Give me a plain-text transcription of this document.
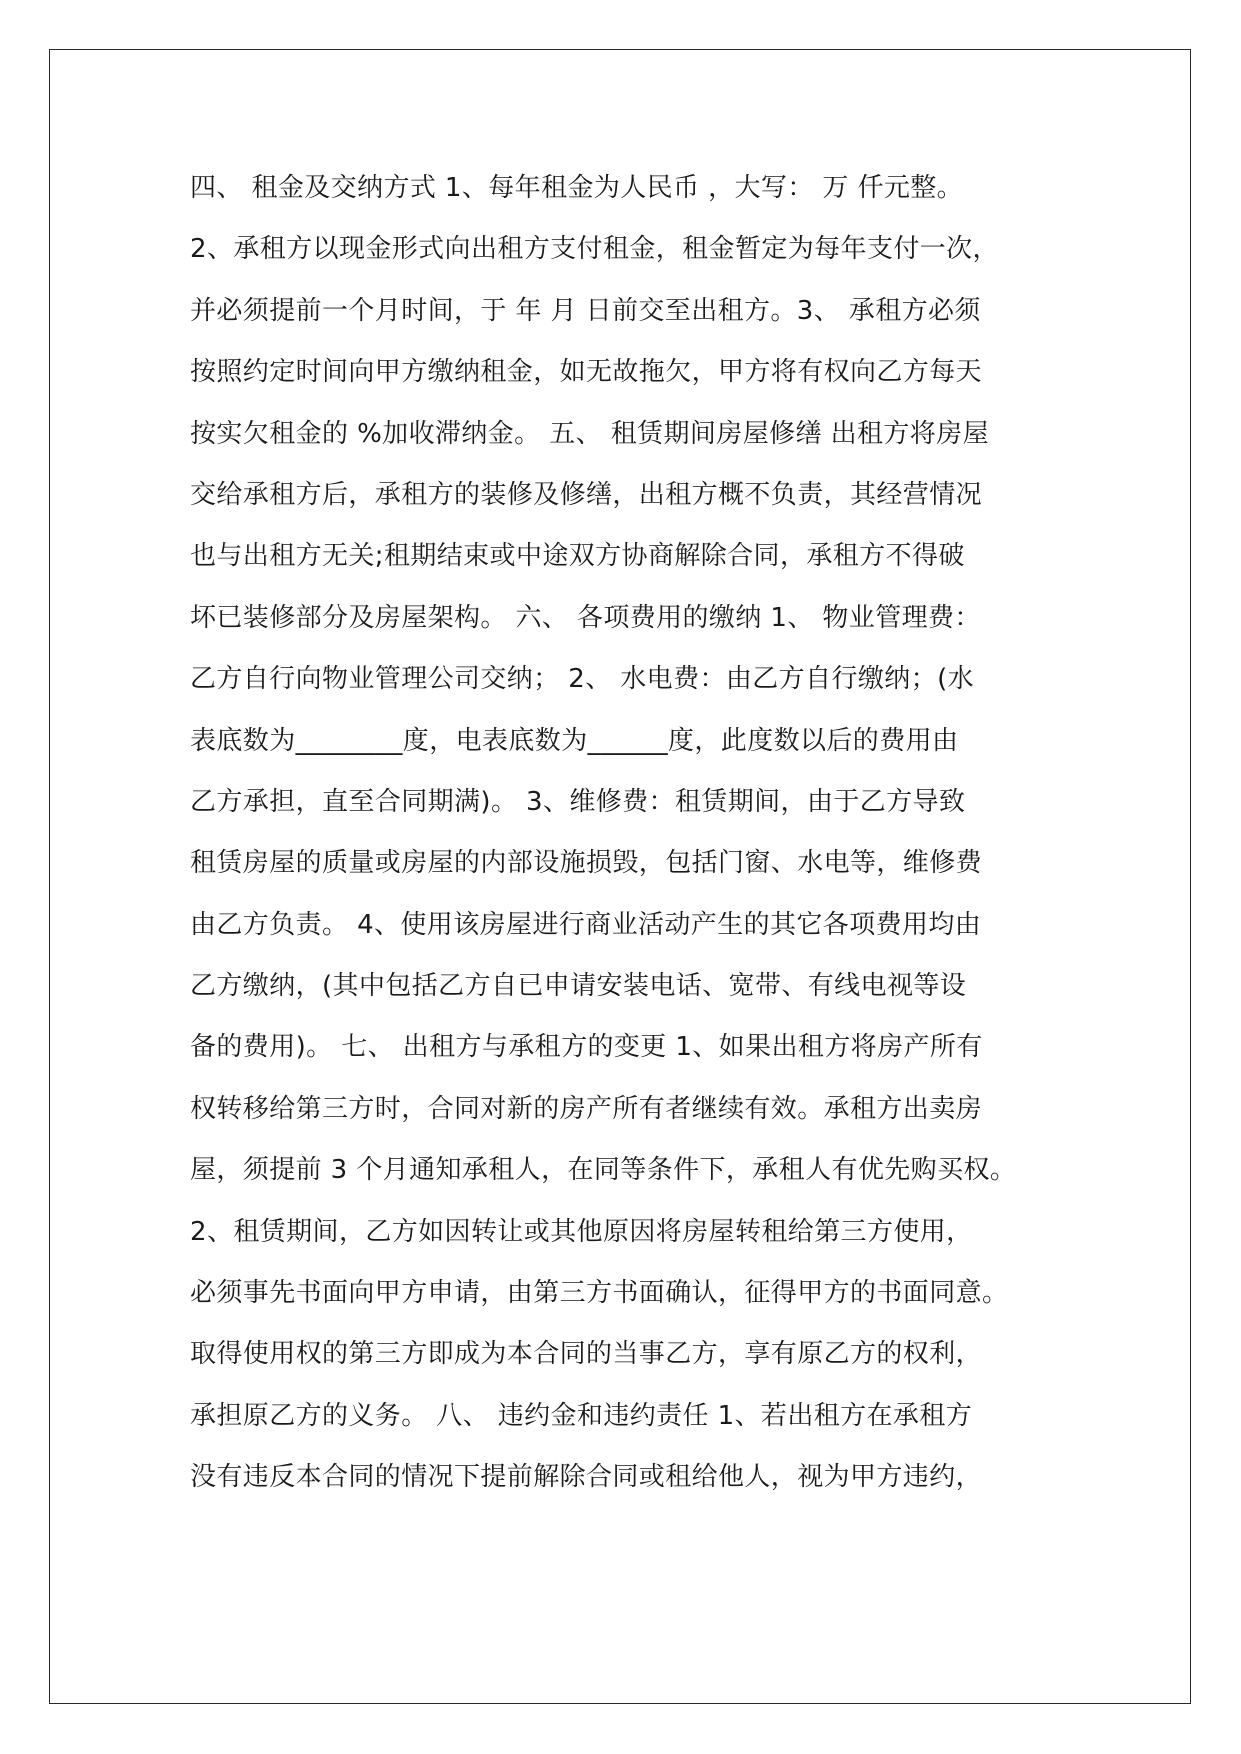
四、 租金及交纳方式 1、每年租金为人民币 ，大写： 万 仟元整。
2、承租方以现金形式向出租方支付租金，租金暂定为每年支付一次，
并必须提前一个月时间，于 年 月 日前交至出租方。3、 承租方必须
按照约定时间向甲方缴纳租金，如无故拖欠，甲方将有权向乙方每天
按实欠租金的 %加收滞纳金。 五、 租赁期间房屋修缮 出租方将房屋
交给承租方后，承租方的装修及修缮，出租方概不负责，其经营情况
也与出租方无关;租期结束或中途双方协商解除合同，承租方不得破
坏已装修部分及房屋架构。 六、 各项费用的缴纳 1、 物业管理费：
乙方自行向物业管理公司交纳； 2、 水电费：由乙方自行缴纳；(水
表底数为________度，电表底数为______度，此度数以后的费用由
乙方承担，直至合同期满)。 3、维修费：租赁期间，由于乙方导致
租赁房屋的质量或房屋的内部设施损毁，包括门窗、水电等，维修费
由乙方负责。 4、使用该房屋进行商业活动产生的其它各项费用均由
乙方缴纳，(其中包括乙方自已申请安装电话、宽带、有线电视等设
备的费用)。 七、 出租方与承租方的变更 1、如果出租方将房产所有
权转移给第三方时，合同对新的房产所有者继续有效。承租方出卖房
屋，须提前 3 个月通知承租人，在同等条件下，承租人有优先购买权。
2、租赁期间，乙方如因转让或其他原因将房屋转租给第三方使用，
必须事先书面向甲方申请，由第三方书面确认，征得甲方的书面同意。
取得使用权的第三方即成为本合同的当事乙方，享有原乙方的权利，
承担原乙方的义务。 八、 违约金和违约责任 1、若出租方在承租方
没有违反本合同的情况下提前解除合同或租给他人，视为甲方违约，
